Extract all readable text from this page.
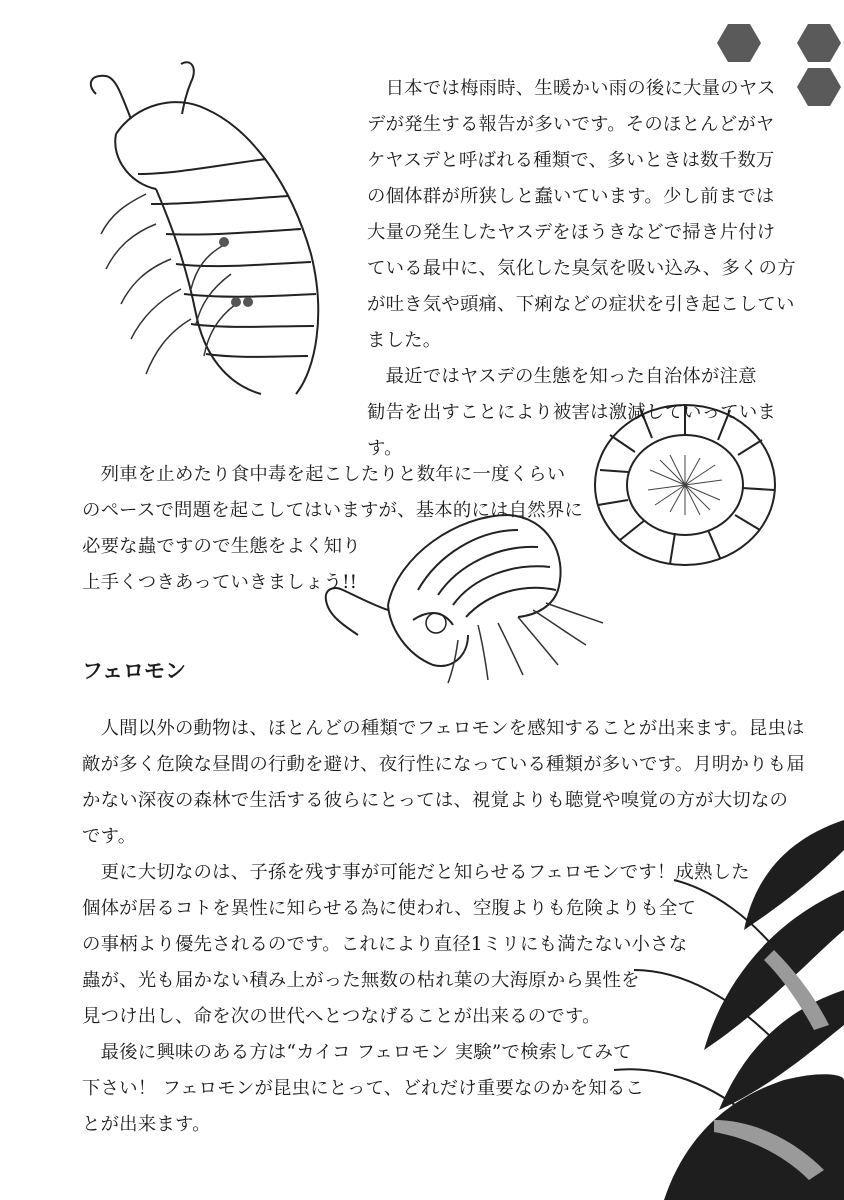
　日本では梅雨時、生暖かい雨の後に大量のヤス
デが発生する報告が多いです。そのほとんどがヤ
ケヤスデと呼ばれる種類で、多いときは数千数万
の個体群が所狭しと蠢いています。少し前までは
大量の発生したヤスデをほうきなどで掃き片付け
ている最中に、気化した臭気を吸い込み、多くの方
が吐き気や頭痛、下痢などの症状を引き起こしてい
ました。
　最近ではヤスデの生態を知った自治体が注意
勧告を出すことにより被害は激減していっていま
す。
　列車を止めたり食中毒を起こしたりと数年に一度くらい
のペースで問題を起こしてはいますが、基本的には自然界に
必要な蟲ですので生態をよく知り
上手くつきあっていきましょう!!
フェロモン
　人間以外の動物は、ほとんどの種類でフェロモンを感知することが出来ます。昆虫は
敵が多く危険な昼間の行動を避け、夜行性になっている種類が多いです。月明かりも届
かない深夜の森林で生活する彼らにとっては、視覚よりも聴覚や嗅覚の方が大切なの
です。
　更に大切なのは、子孫を残す事が可能だと知らせるフェロモンです！成熟した
個体が居るコトを異性に知らせる為に使われ、空腹よりも危険よりも全て
の事柄より優先されるのです。これにより直径1ミリにも満たない小さな
蟲が、光も届かない積み上がった無数の枯れ葉の大海原から異性を
見つけ出し、命を次の世代へとつなげることが出来るのです。
　最後に興味のある方は“カイコ フェロモン 実験”で検索してみて
下さい！ フェロモンが昆虫にとって、どれだけ重要なのかを知るこ
とが出来ます。
